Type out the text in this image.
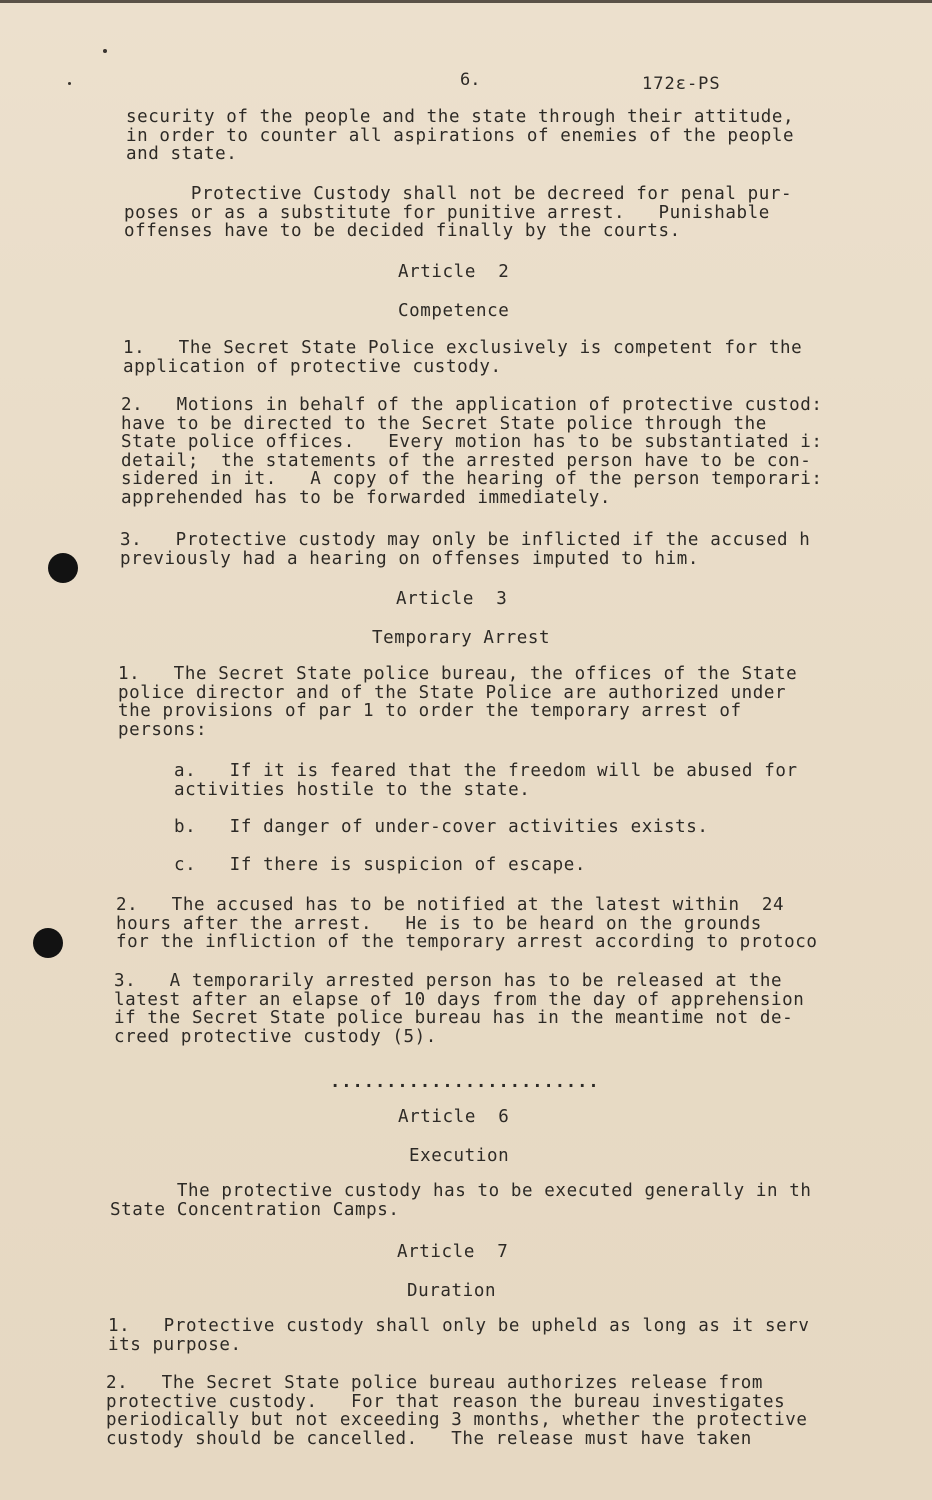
6.	172ε-PS
security of the people and the state through their attitude,
in order to counter all aspirations of enemies of the people
and state.
Protective Custody shall not be decreed for penal pur-
poses or as a substitute for punitive arrest.   Punishable
offenses have to be decided finally by the courts.
Article  2
Competence
1.   The Secret State Police exclusively is competent for the
application of protective custody.
2.   Motions in behalf of the application of protective custod:
have to be directed to the Secret State police through the
State police offices.   Every motion has to be substantiated i:
detail;  the statements of the arrested person have to be con-
sidered in it.   A copy of the hearing of the person temporari:
apprehended has to be forwarded immediately.
3.   Protective custody may only be inflicted if the accused h
previously had a hearing on offenses imputed to him.
Article  3
Temporary Arrest
1.   The Secret State police bureau, the offices of the State
police director and of the State Police are authorized under
the provisions of par 1 to order the temporary arrest of
persons:
a.   If it is feared that the freedom will be abused for
activities hostile to the state.
b.   If danger of under-cover activities exists.
c.   If there is suspicion of escape.
2.   The accused has to be notified at the latest within  24
hours after the arrest.   He is to be heard on the grounds
for the infliction of the temporary arrest according to protoco
3.   A temporarily arrested person has to be released at the
latest after an elapse of 10 days from the day of apprehension
if the Secret State police bureau has in the meantime not de-
creed protective custody (5).
........................
Article  6
Execution
The protective custody has to be executed generally in th
State Concentration Camps.
Article  7
Duration
1.   Protective custody shall only be upheld as long as it serv
its purpose.
2.   The Secret State police bureau authorizes release from
protective custody.   For that reason the bureau investigates
periodically but not exceeding 3 months, whether the protective
custody should be cancelled.   The release must have taken
